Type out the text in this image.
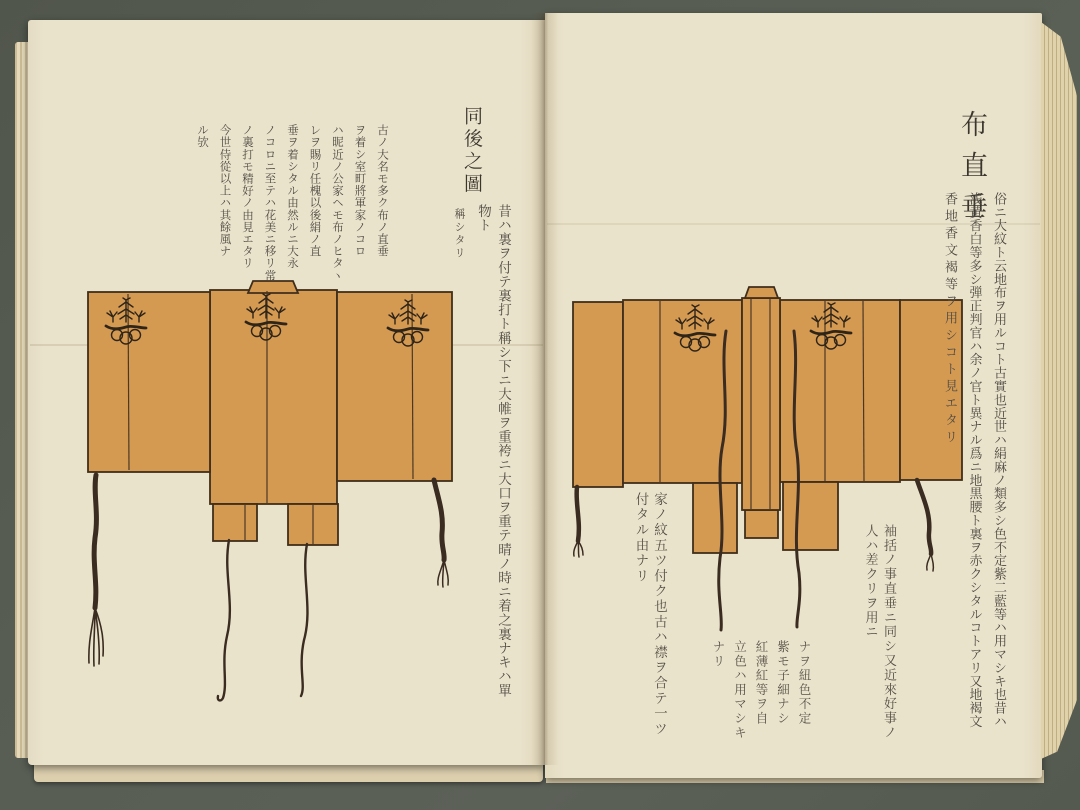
同後之圖
稱シタリ	昔ハ裏ヲ付テ裏打ト稱シ下ニ大帷ヲ重袴ニ大口ヲ重テ晴ノ時ニ着之裏ナキハ單物ト
古ノ大名モ多ク布ノ直垂
ヲ着シ室町將軍家ノコロ
ハ昵近ノ公家ヘモ布ノヒタヽ
レヲ賜リ任槐以後絹ノ直
垂ヲ着シタル由然ルニ大永
ノコロニ至テハ花美ニ移リ常
ノ裏打モ精好ノ由見エタリ
今世侍從以上ハ其餘風ナ
ル欤	布直垂
俗ニ大紋ト云地布ヲ用ルコト古實也近世ハ絹麻ノ類多シ色不定紫二藍等ハ用マシキ也昔ハ
浅黄香白等多シ弾正判官ハ余ノ官ト異ナル爲ニ地黒腰ト裏ヲ赤クシタルコトアリ又地褐文
香地香文褐等ヲ用シコト見エタリ
家ノ紋五ツ付ク也古ハ襟ヲ合テ一ツ
付タル由ナリ	袖括ノ事直垂ニ同シ又近來好事ノ
人ハ差クリヲ用ニ
ナヲ紐色不定
紫モ子細ナシ
紅薄紅等ヲ自
立色ハ用マシキ
ナリ
